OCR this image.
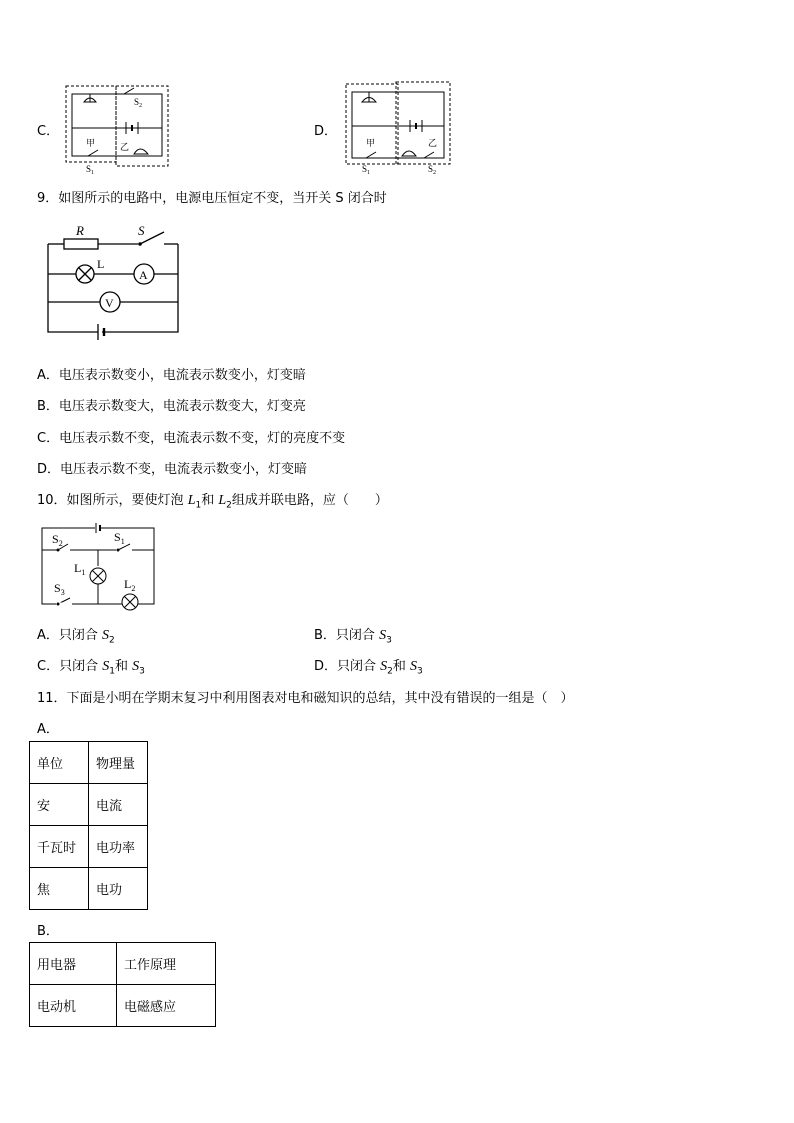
C．
$S_2$
甲	乙
$S_1$
D．
甲	乙
$S_1$	$S_2$
9．如图所示的电路中，电源电压恒定不变，当开关 S 闭合时
R	S
L
A
V
A．电压表示数变小，电流表示数变小，灯变暗
B．电压表示数变大，电流表示数变大，灯变亮
C．电压表示数不变，电流表示数不变，灯的亮度不变
D．电压表示数不变，电流表示数变小，灯变暗
10．如图所示，要使灯泡 $L_1$和 $L_2$组成并联电路，应（　　）
$S_2$	$S_1$
$S_3$
$L_1$
$L_2$
A．只闭合 $S_2$	B．只闭合 $S_3$
C．只闭合 $S_1$和 $S_3$	D．只闭合 $S_2$和 $S_3$
11．下面是小明在学期末复习中利用图表对电和磁知识的总结，其中没有错误的一组是（　）
A．
单位	物理量
安	电流
千瓦时	电功率
焦	电功
B．
用电器	工作原理
电动机	电磁感应
